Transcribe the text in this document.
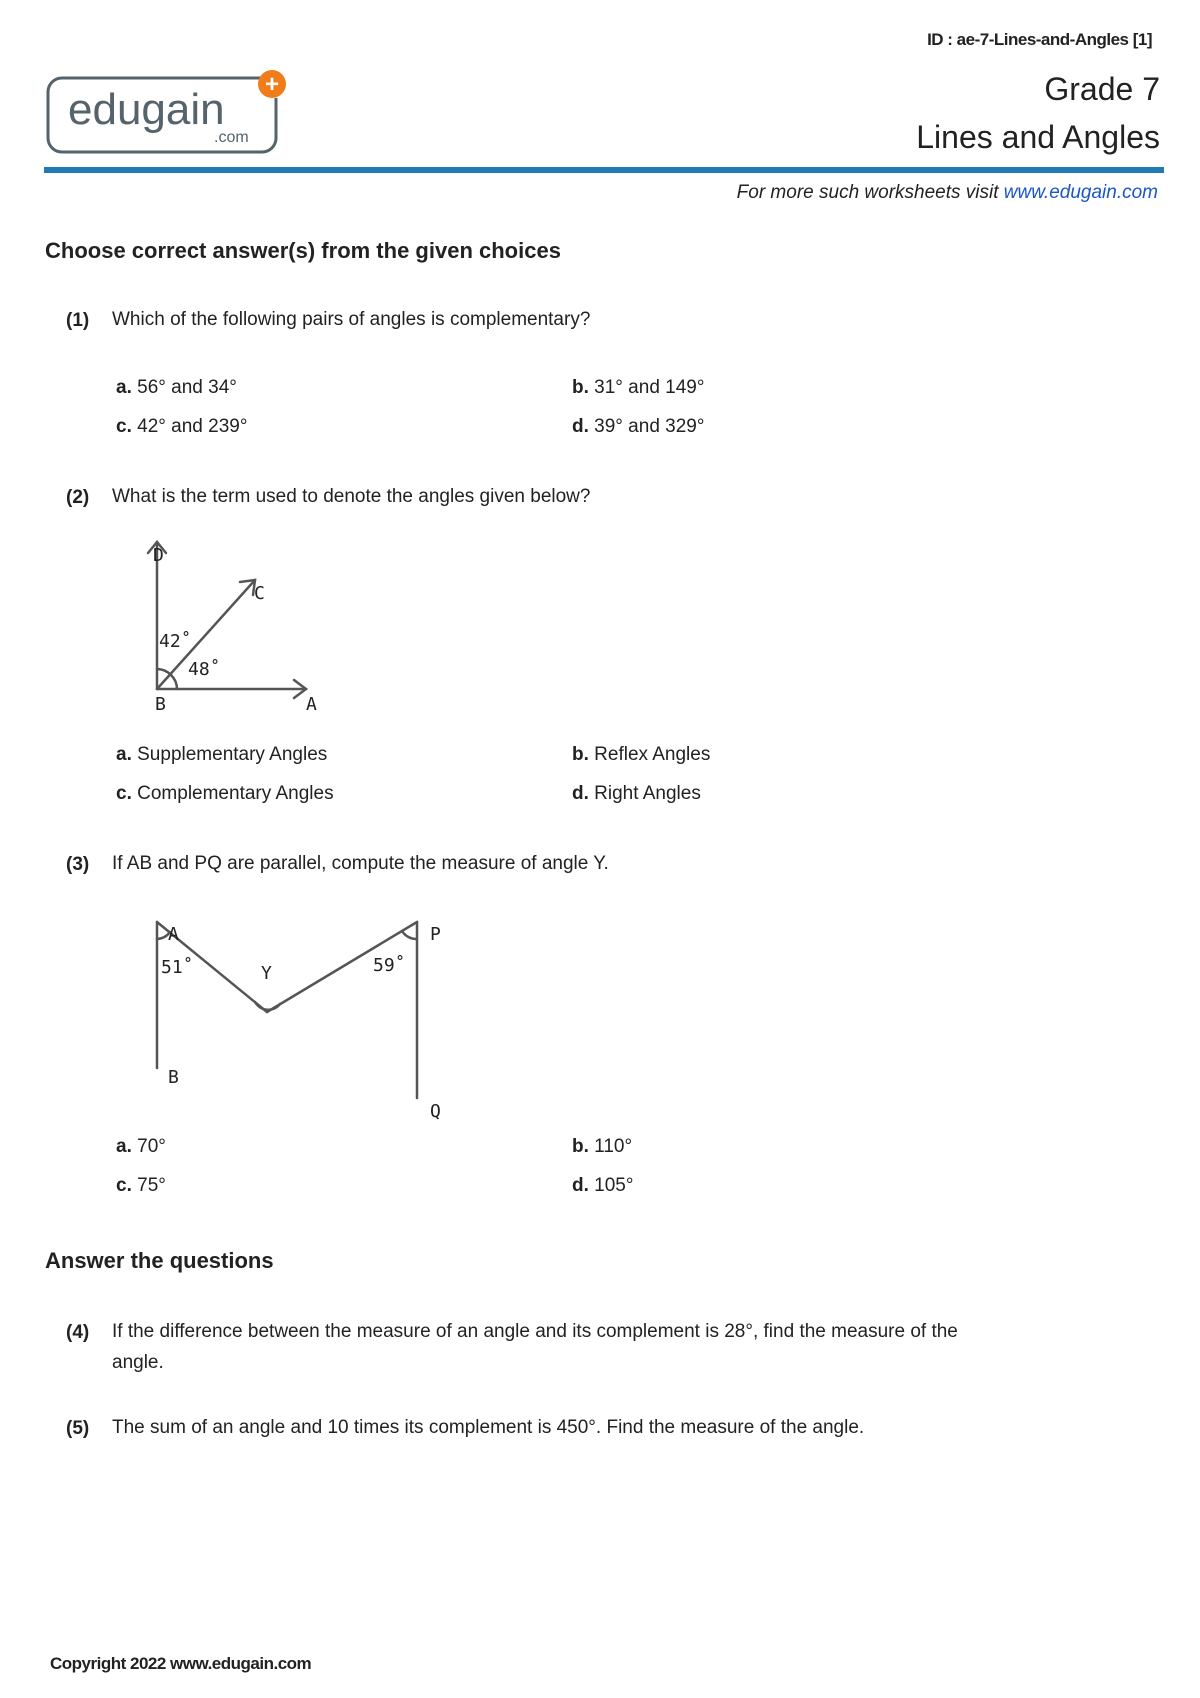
ID : ae-7-Lines-and-Angles [1]
edugain
.com
+	Grade 7
Lines and Angles
For more such worksheets visit www.edugain.com
Choose correct answer(s) from the given choices
(1) Which of the following pairs of angles is complementary?
a. 56° and 34°	b. 31° and 149°
c. 42° and 239°	d. 39° and 329°
(2) What is the term used to denote the angles given below?
D
C
B	A
42˚
48˚
a. Supplementary Angles	b. Reflex Angles
c. Complementary Angles	d. Right Angles
(3) If AB and PQ are parallel, compute the measure of angle Y.
A
B
P
Q
Y
51˚	59˚
a. 70°	b. 110°
c. 75°	d. 105°
Answer the questions
(4) If the difference between the measure of an angle and its complement is 28°, find the measure of the angle.
(5) The sum of an angle and 10 times its complement is 450°. Find the measure of the angle.
Copyright 2022 www.edugain.com
